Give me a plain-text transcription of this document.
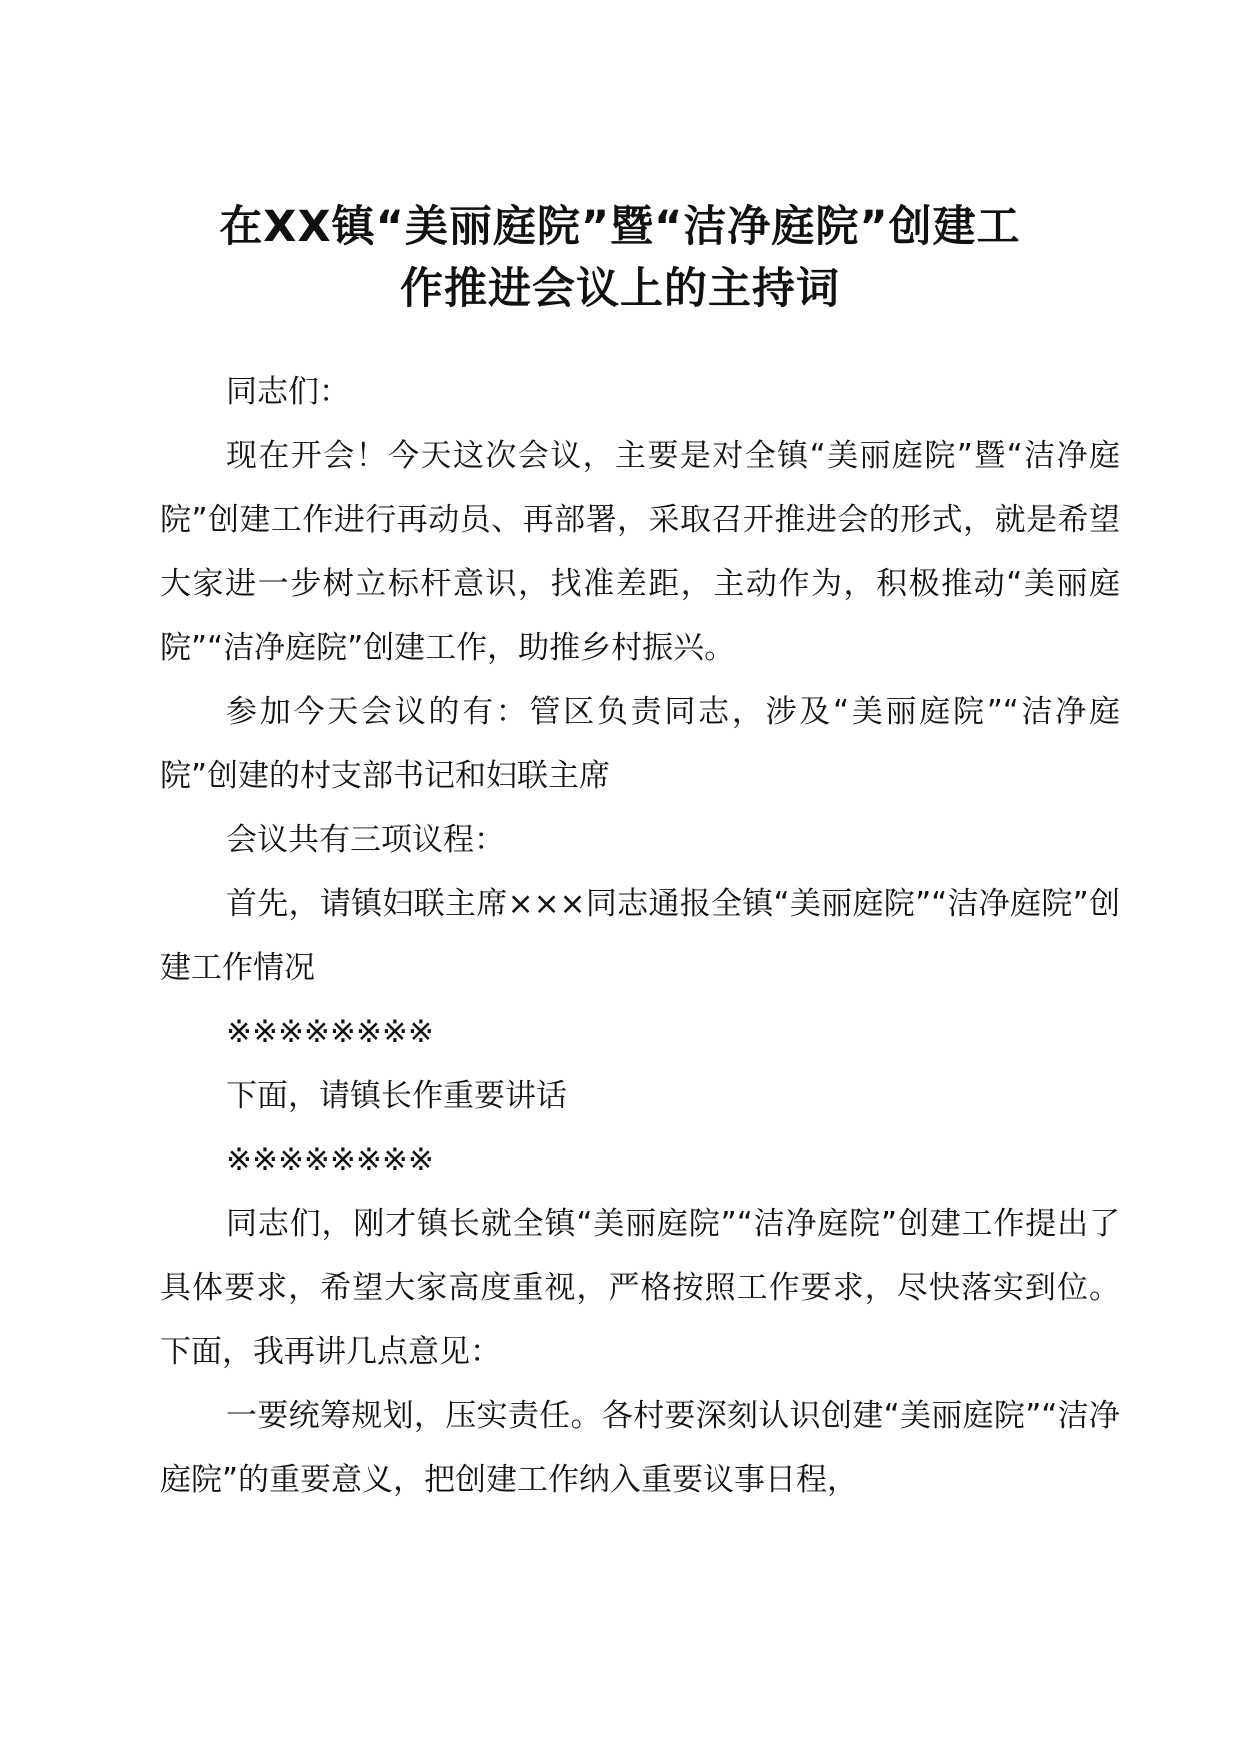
在XX镇“美丽庭院”暨“洁净庭院”创建工
作推进会议上的主持词

同志们：

现在开会！今天这次会议，主要是对全镇“美丽庭院”暨“洁净庭院”创建工作进行再动员、再部署，采取召开推进会的形式，就是希望大家进一步树立标杆意识，找准差距，主动作为，积极推动“美丽庭院”“洁净庭院”创建工作，助推乡村振兴。

参加今天会议的有：管区负责同志，涉及“美丽庭院”“洁净庭院”创建的村支部书记和妇联主席

会议共有三项议程：

首先，请镇妇联主席×××同志通报全镇“美丽庭院”“洁净庭院”创建工作情况

※※※※※※※※

下面，请镇长作重要讲话

※※※※※※※※

同志们，刚才镇长就全镇“美丽庭院”“洁净庭院”创建工作提出了具体要求，希望大家高度重视，严格按照工作要求，尽快落实到位。下面，我再讲几点意见：

一要统筹规划，压实责任。各村要深刻认识创建“美丽庭院”“洁净庭院”的重要意义，把创建工作纳入重要议事日程，
